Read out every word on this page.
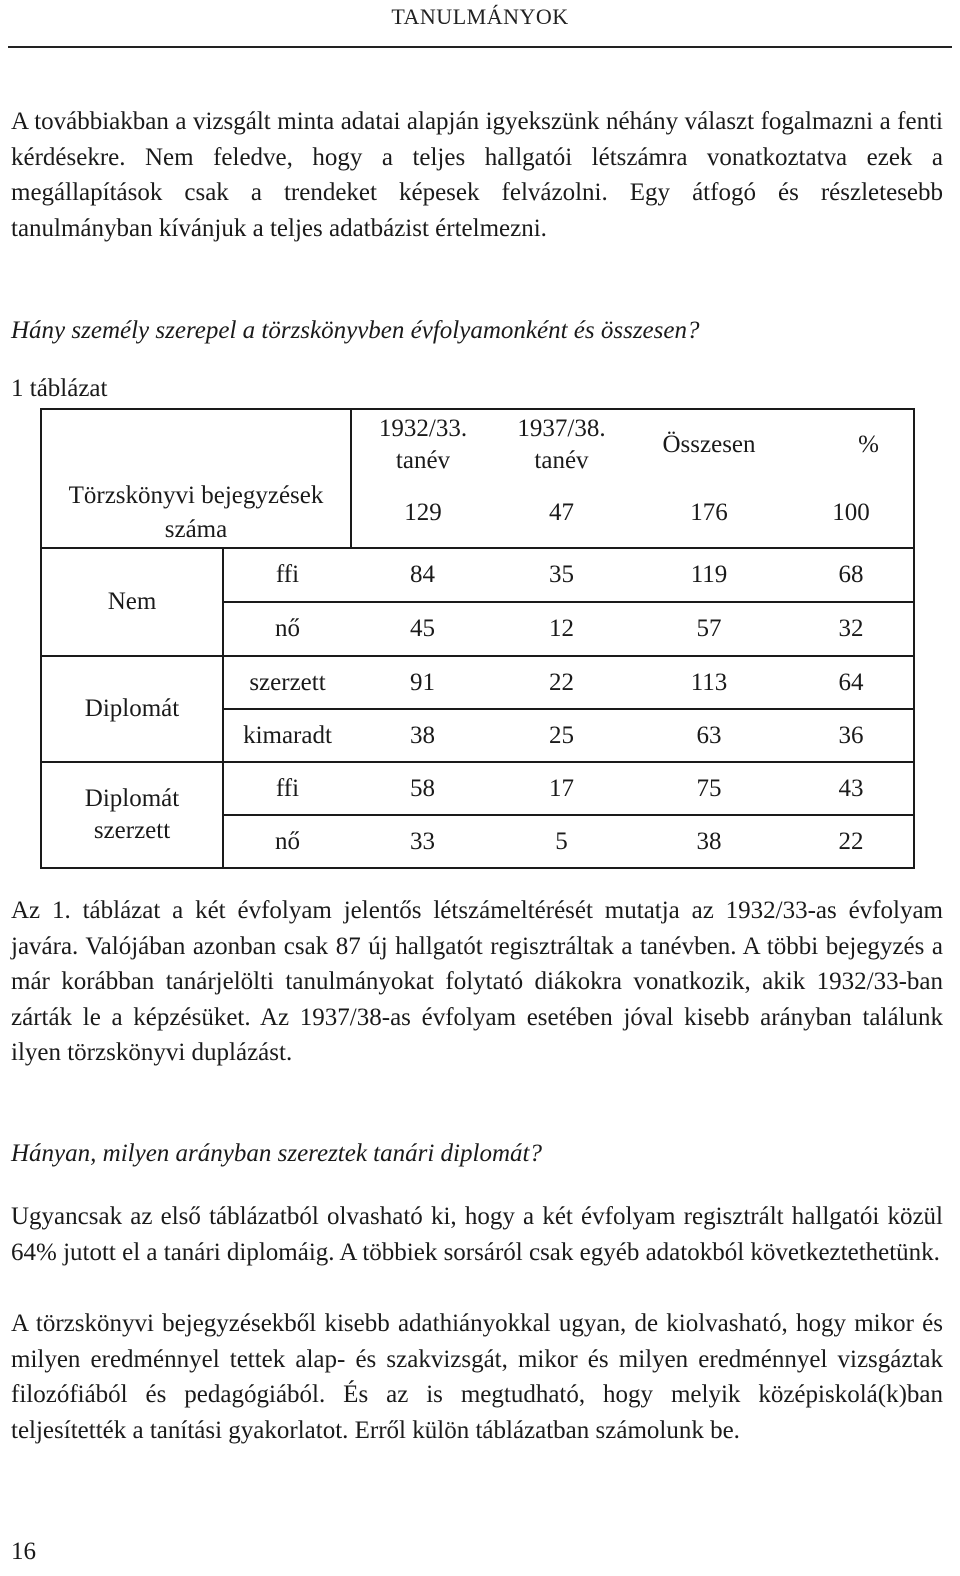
TANULMÁNYOK

A továbbiakban a vizsgált minta adatai alapján igyekszünk néhány választ fogalmazni a fenti kérdésekre. Nem feledve, hogy a teljes hallgatói létszámra vonatkoztatva ezek a megállapítások csak a trendeket képesek felvázolni. Egy átfogó és részletesebb tanulmányban kívánjuk a teljes adatbázist értelmezni.

Hány személy szerepel a törzskönyvben évfolyamonként és összesen?

1 táblázat
		1932/33. tanév	1937/38. tanév	Összesen	%
Törzskönyvi bejegyzések száma		129	47	176	100
Nem	ffi	84	35	119	68
	nő	45	12	57	32
Diplomát	szerzett	91	22	113	64
	kimaradt	38	25	63	36
Diplomát szerzett	ffi	58	17	75	43
	nő	33	5	38	22

Az 1. táblázat a két évfolyam jelentős létszámeltérését mutatja az 1932/33-as évfolyam javára. Valójában azonban csak 87 új hallgatót regisztráltak a tanévben. A többi bejegyzés a már korábban tanárjelölti tanulmányokat folytató diákokra vonatkozik, akik 1932/33-ban zárták le a képzésüket. Az 1937/38-as évfolyam esetében jóval kisebb arányban találunk ilyen törzskönyvi duplázást.

Hányan, milyen arányban szereztek tanári diplomát?

Ugyancsak az első táblázatból olvasható ki, hogy a két évfolyam regisztrált hallgatói közül 64% jutott el a tanári diplomáig. A többiek sorsáról csak egyéb adatokból következtethetünk.

A törzskönyvi bejegyzésekből kisebb adathiányokkal ugyan, de kiolvasható, hogy mikor és milyen eredménnyel tettek alap- és szakvizsgát, mikor és milyen eredménnyel vizsgáztak filozófiából és pedagógiából. És az is megtudható, hogy melyik középiskolá(k)ban teljesítették a tanítási gyakorlatot. Erről külön táblázatban számolunk be.

16
